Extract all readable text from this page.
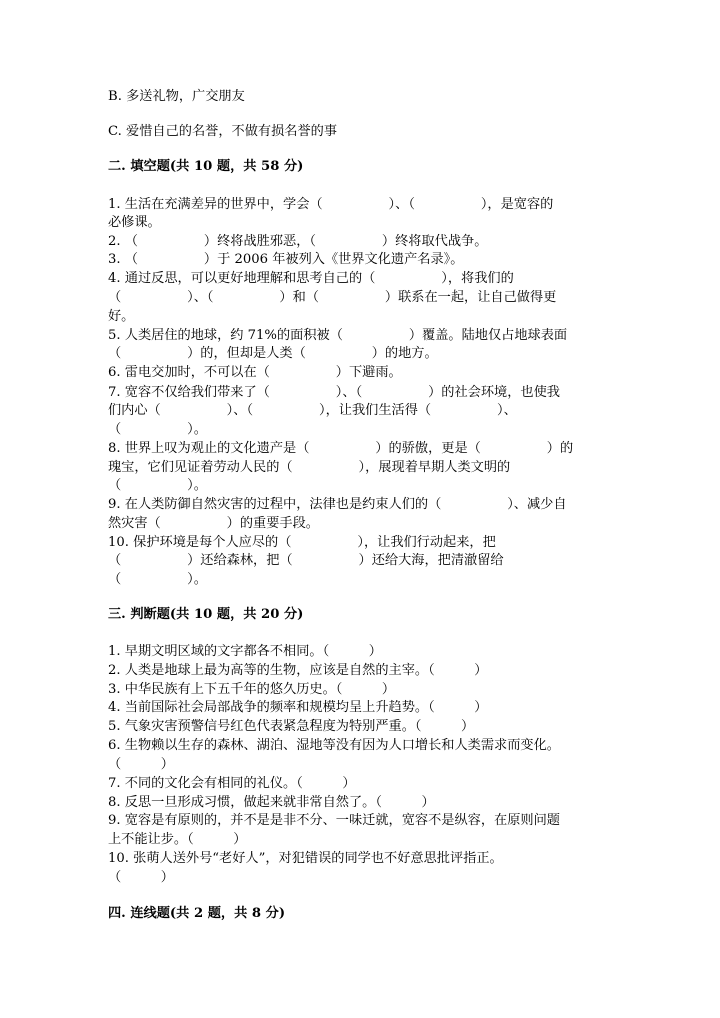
B. 多送礼物，广交朋友
C. 爱惜自己的名誉，不做有损名誉的事
二. 填空题(共 10 题，共 58 分)
1. 生活在充满差异的世界中，学会（　　　　　）、（　　　　　），是宽容的
必修课。
2. （　　　　　）终将战胜邪恶，（　　　　　）终将取代战争。
3. （　　　　　）于 2006 年被列入《世界文化遗产名录》。
4. 通过反思，可以更好地理解和思考自己的（　　　　　），将我们的
（　　　　　）、（　　　　　）和（　　　　　）联系在一起，让自己做得更
好。
5. 人类居住的地球，约 71%的面积被（　　　　　）覆盖。陆地仅占地球表面
（　　　　　）的，但却是人类（　　　　　）的地方。
6. 雷电交加时，不可以在（　　　　　）下避雨。
7. 宽容不仅给我们带来了（　　　　　）、（　　　　　）的社会环境，也使我
们内心（　　　　　）、（　　　　　），让我们生活得（　　　　　）、
（　　　　　）。
8. 世界上叹为观止的文化遗产是（　　　　　）的骄傲，更是（　　　　　）的
瑰宝，它们见证着劳动人民的（　　　　　），展现着早期人类文明的
（　　　　　）。
9. 在人类防御自然灾害的过程中，法律也是约束人们的（　　　　　）、减少自
然灾害（　　　　　）的重要手段。
10. 保护环境是每个人应尽的（　　　　　），让我们行动起来，把
（　　　　　）还给森林，把（　　　　　）还给大海，把清澈留给
（　　　　　）。
三. 判断题(共 10 题，共 20 分)
1. 早期文明区域的文字都各不相同。（　　　）
2. 人类是地球上最为高等的生物，应该是自然的主宰。（　　　）
3. 中华民族有上下五千年的悠久历史。（　　　）
4. 当前国际社会局部战争的频率和规模均呈上升趋势。（　　　）
5. 气象灾害预警信号红色代表紧急程度为特别严重。（　　　）
6. 生物赖以生存的森林、湖泊、湿地等没有因为人口增长和人类需求而变化。
（　　　）
7. 不同的文化会有相同的礼仪。（　　　）
8. 反思一旦形成习惯，做起来就非常自然了。（　　　）
9. 宽容是有原则的，并不是是非不分、一味迁就，宽容不是纵容，在原则问题
上不能让步。（　　　）
10. 张萌人送外号“老好人”，对犯错误的同学也不好意思批评指正。
（　　　）
四. 连线题(共 2 题，共 8 分)
